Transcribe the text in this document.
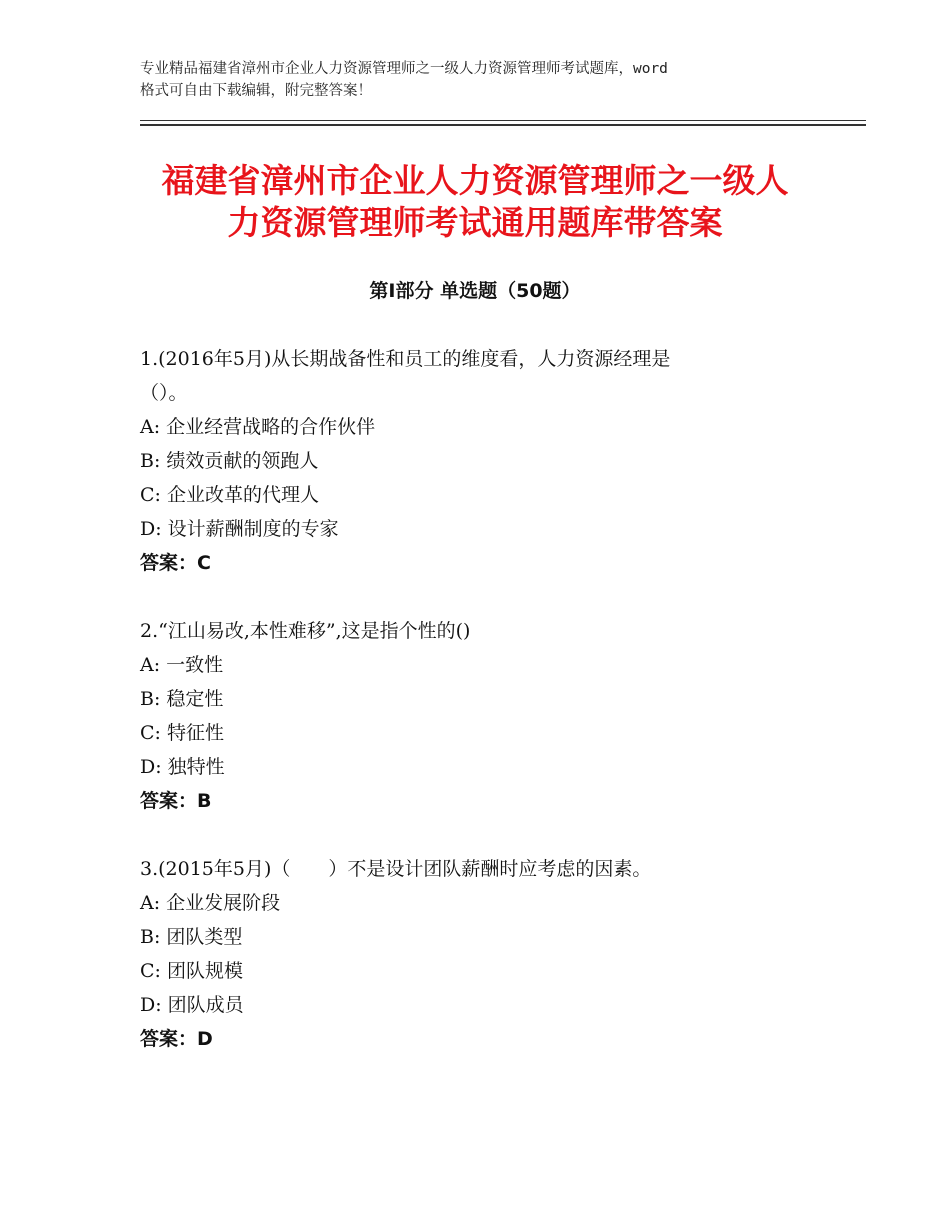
专业精品福建省漳州市企业人力资源管理师之一级人力资源管理师考试题库，word
格式可自由下载编辑，附完整答案！
福建省漳州市企业人力资源管理师之一级人
力资源管理师考试通用题库带答案
第Ⅰ部分 单选题（50题）
1.(2016年5月)从长期战备性和员工的维度看，人力资源经理是
（）。
A: 企业经营战略的合作伙伴
B: 绩效贡献的领跑人
C: 企业改革的代理人
D: 设计薪酬制度的专家
答案：C
2.“江山易改,本性难移”,这是指个性的()
A: 一致性
B: 稳定性
C: 特征性
D: 独特性
答案：B
3.(2015年5月)（　　）不是设计团队薪酬时应考虑的因素。
A: 企业发展阶段
B: 团队类型
C: 团队规模
D: 团队成员
答案：D
